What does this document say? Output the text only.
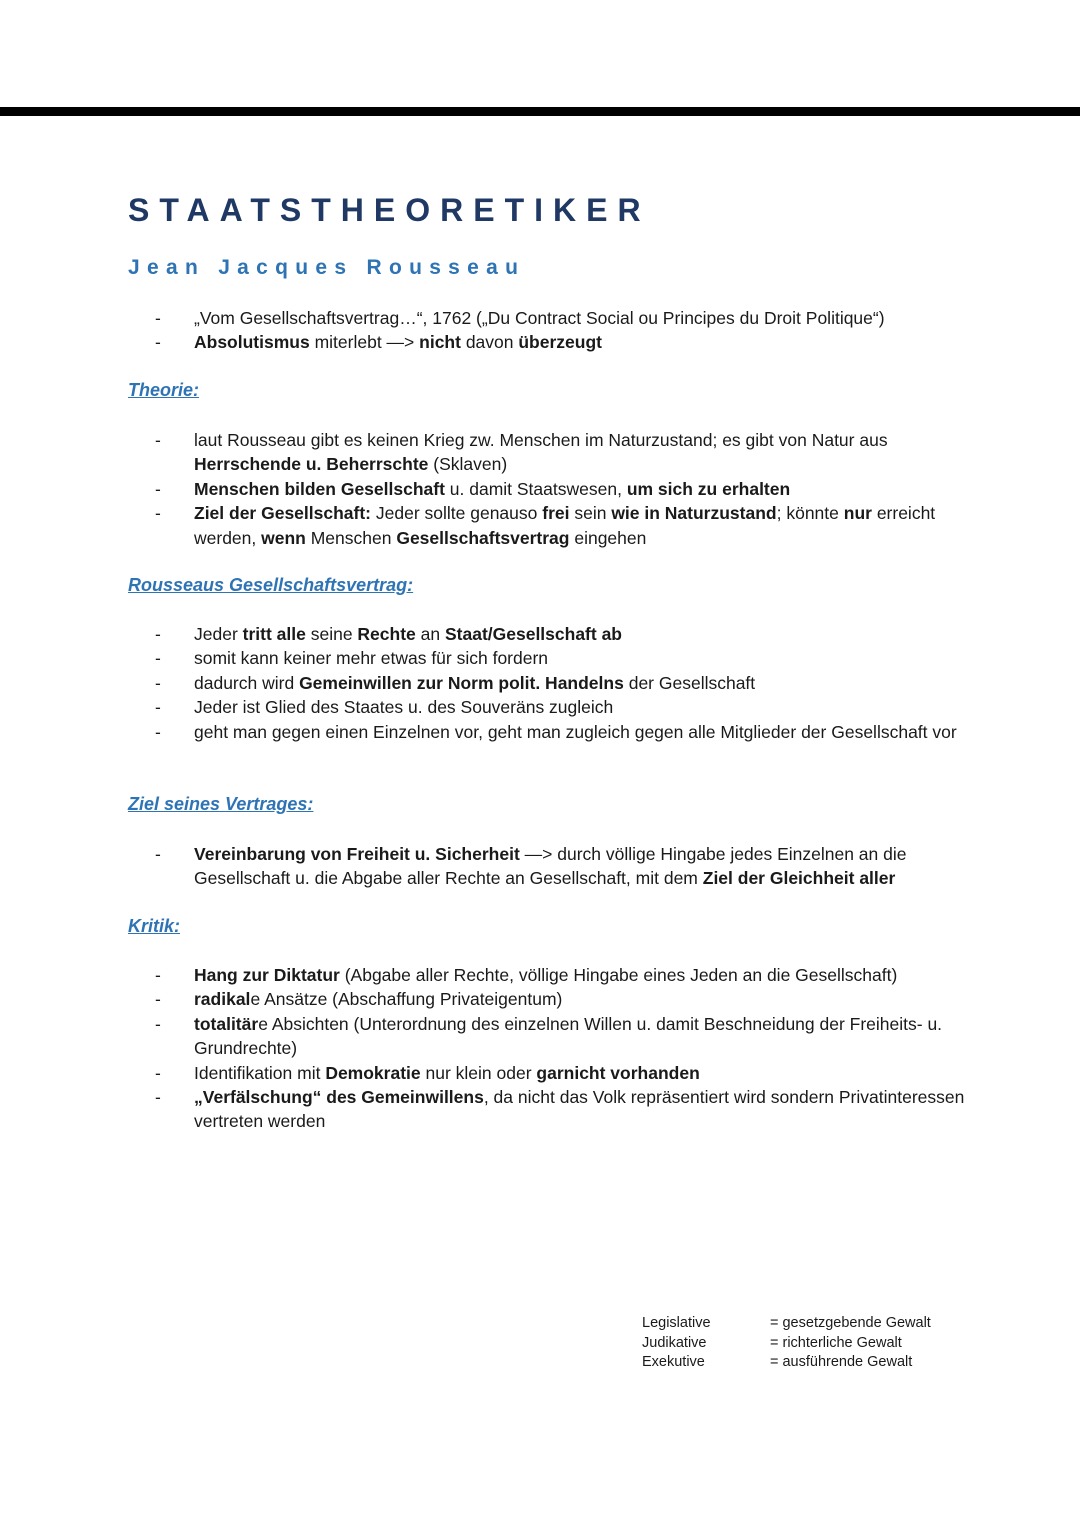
STAATSTHEORETIKER
Jean Jacques Rousseau
- „Vom Gesellschaftsvertrag…“, 1762 („Du Contract Social ou Principes du Droit Politique“)
- Absolutismus miterlebt —> nicht davon überzeugt
Theorie:
- laut Rousseau gibt es keinen Krieg zw. Menschen im Naturzustand; es gibt von Natur aus Herrschende u. Beherrschte (Sklaven)
- Menschen bilden Gesellschaft u. damit Staatswesen, um sich zu erhalten
- Ziel der Gesellschaft: Jeder sollte genauso frei sein wie in Naturzustand; könnte nur erreicht werden, wenn Menschen Gesellschaftsvertrag eingehen
Rousseaus Gesellschaftsvertrag:
- Jeder tritt alle seine Rechte an Staat/Gesellschaft ab
- somit kann keiner mehr etwas für sich fordern
- dadurch wird Gemeinwillen zur Norm polit. Handelns der Gesellschaft
- Jeder ist Glied des Staates u. des Souveräns zugleich
- geht man gegen einen Einzelnen vor, geht man zugleich gegen alle Mitglieder der Gesellschaft vor
Ziel seines Vertrages:
- Vereinbarung von Freiheit u. Sicherheit —> durch völlige Hingabe jedes Einzelnen an die Gesellschaft u. die Abgabe aller Rechte an Gesellschaft, mit dem Ziel der Gleichheit aller
Kritik:
- Hang zur Diktatur (Abgabe aller Rechte, völlige Hingabe eines Jeden an die Gesellschaft)
- radikale Ansätze (Abschaffung Privateigentum)
- totalitäre Absichten (Unterordnung des einzelnen Willen u. damit Beschneidung der Freiheits- u. Grundrechte)
- Identifikation mit Demokratie nur klein oder garnicht vorhanden
- „Verfälschung“ des Gemeinwillens, da nicht das Volk repräsentiert wird sondern Privatinteressen vertreten werden
Legislative	= gesetzgebende Gewalt
Judikative	= richterliche Gewalt
Exekutive	= ausführende Gewalt
